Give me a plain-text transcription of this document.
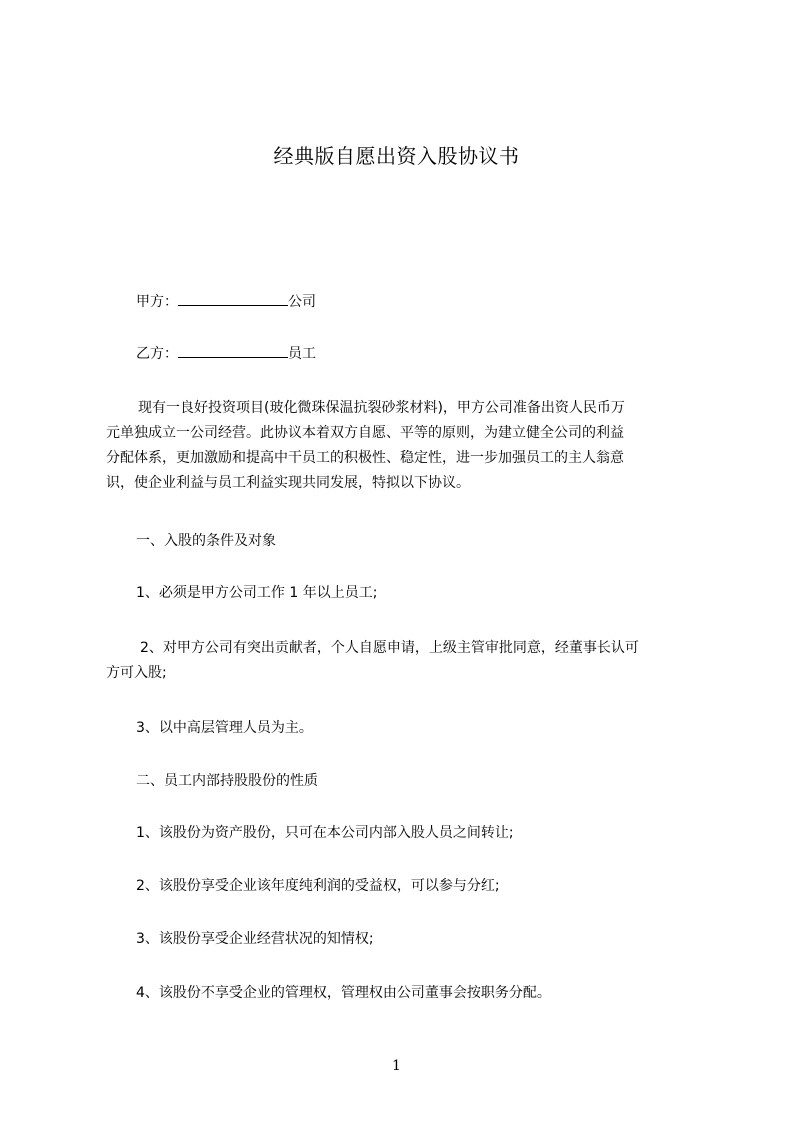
经典版自愿出资入股协议书
甲方：	公司
乙方：	员工

现有一良好投资项目(玻化微珠保温抗裂砂浆材料)，甲方公司准备出资人民币万

元单独成立一公司经营。此协议本着双方自愿、平等的原则，为建立健全公司的利益

分配体系，更加激励和提高中干员工的积极性、稳定性，进一步加强员工的主人翁意

识，使企业利益与员工利益实现共同发展，特拟以下协议。

一、入股的条件及对象
1、必须是甲方公司工作 1 年以上员工;

2、对甲方公司有突出贡献者，个人自愿申请，上级主管审批同意，经董事长认可

方可入股;

3、以中高层管理人员为主。
二、员工内部持股股份的性质
1、该股份为资产股份，只可在本公司内部入股人员之间转让;
2、该股份享受企业该年度纯利润的受益权，可以参与分红;
3、该股份享受企业经营状况的知情权;
4、该股份不享受企业的管理权，管理权由公司董事会按职务分配。
1
